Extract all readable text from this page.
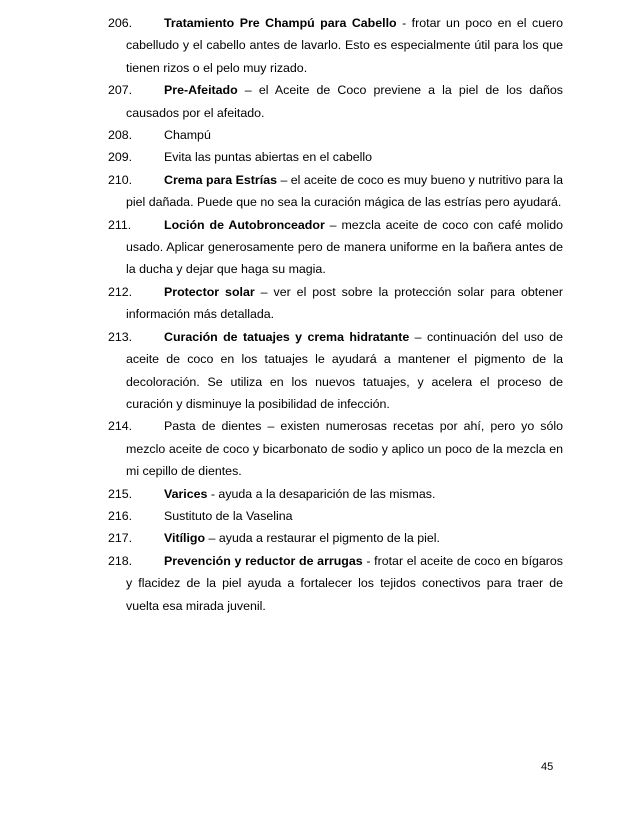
206.	Tratamiento Pre Champú para Cabello - frotar un poco en el cuero cabelludo y el cabello antes de lavarlo. Esto es especialmente útil para los que tienen rizos o el pelo muy rizado.

207.	Pre-Afeitado – el Aceite de Coco previene a la piel de los daños causados por el afeitado.

208.	Champú

209.	Evita las puntas abiertas en el cabello

210.	Crema para Estrías – el aceite de coco es muy bueno y nutritivo para la piel dañada. Puede que no sea la curación mágica de las estrías pero ayudará.

211.	Loción de Autobronceador – mezcla aceite de coco con café molido usado. Aplicar generosamente pero de manera uniforme en la bañera antes de la ducha y dejar que haga su magia.

212.	Protector solar – ver el post sobre la protección solar para obtener información más detallada.

213.	Curación de tatuajes y crema hidratante – continuación del uso de aceite de coco en los tatuajes le ayudará a mantener el pigmento de la decoloración. Se utiliza en los nuevos tatuajes, y acelera el proceso de curación y disminuye la posibilidad de infección.

214.	Pasta de dientes – existen numerosas recetas por ahí, pero yo sólo mezclo aceite de coco y bicarbonato de sodio y aplico un poco de la mezcla en mi cepillo de dientes.

215.	Varices - ayuda a la desaparición de las mismas.

216.	Sustituto de la Vaselina

217.	Vitíligo – ayuda a restaurar el pigmento de la piel.

218.	Prevención y reductor de arrugas - frotar el aceite de coco en bígaros y flacidez de la piel ayuda a fortalecer los tejidos conectivos para traer de vuelta esa mirada juvenil.

45
